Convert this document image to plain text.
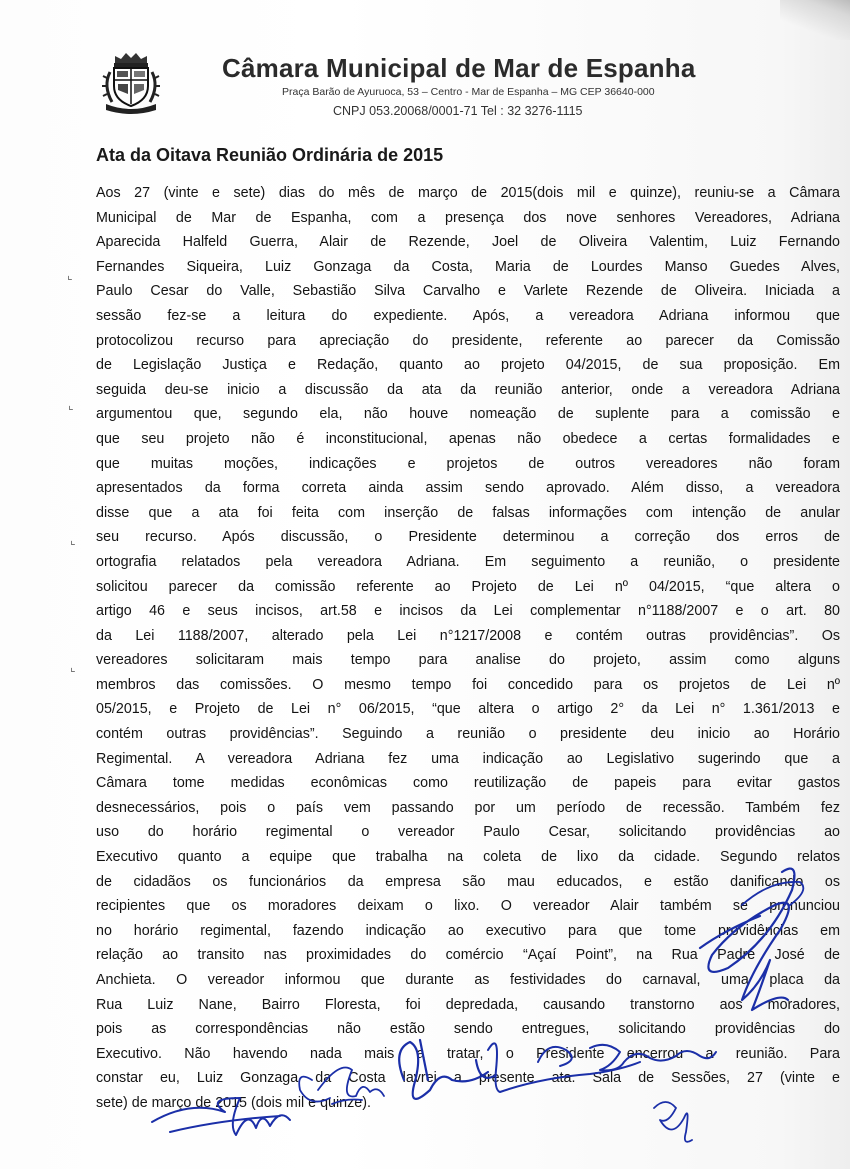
Câmara Municipal de Mar de Espanha
Praça Barão de Ayuruoca, 53 – Centro - Mar de Espanha – MG CEP 36640-000
CNPJ 053.20068/0001-71 Tel : 32 3276-1115
Ata da Oitava Reunião Ordinária de 2015
Aos 27 (vinte e sete) dias do mês de março de 2015(dois mil e quinze), reuniu-se a Câmara
Municipal de Mar de Espanha, com a presença dos nove senhores Vereadores, Adriana
Aparecida Halfeld Guerra, Alair de Rezende, Joel de Oliveira Valentim, Luiz Fernando
Fernandes Siqueira, Luiz Gonzaga da Costa, Maria de Lourdes Manso Guedes Alves,
Paulo Cesar do Valle, Sebastião Silva Carvalho e Varlete Rezende de Oliveira. Iniciada a
sessão fez-se a leitura do expediente. Após, a vereadora Adriana informou que
protocolizou recurso para apreciação do presidente, referente ao parecer da Comissão
de Legislação Justiça e Redação, quanto ao projeto 04/2015, de sua proposição. Em
seguida deu-se inicio a discussão da ata da reunião anterior, onde a vereadora Adriana
argumentou que, segundo ela, não houve nomeação de suplente para a comissão e
que seu projeto não é inconstitucional, apenas não obedece a certas formalidades e
que muitas moções, indicações e projetos de outros vereadores não foram
apresentados da forma correta ainda assim sendo aprovado. Além disso, a vereadora
disse que a ata foi feita com inserção de falsas informações com intenção de anular
seu recurso. Após discussão, o Presidente determinou a correção dos erros de
ortografia relatados pela vereadora Adriana. Em seguimento a reunião, o presidente
solicitou parecer da comissão referente ao Projeto de Lei nº 04/2015, “que altera o
artigo 46 e seus incisos, art.58 e incisos da Lei complementar n°1188/2007 e o art. 80
da Lei 1188/2007, alterado pela Lei n°1217/2008 e contém outras providências”. Os
vereadores solicitaram mais tempo para analise do projeto, assim como alguns
membros das comissões. O mesmo tempo foi concedido para os projetos de Lei nº
05/2015, e Projeto de Lei n° 06/2015, “que altera o artigo 2° da Lei n° 1.361/2013 e
contém outras providências”. Seguindo a reunião o presidente deu inicio ao Horário
Regimental. A vereadora Adriana fez uma indicação ao Legislativo sugerindo que a
Câmara tome medidas econômicas como reutilização de papeis para evitar gastos
desnecessários, pois o país vem passando por um período de recessão. Também fez
uso do horário regimental o vereador Paulo Cesar, solicitando providências ao
Executivo quanto a equipe que trabalha na coleta de lixo da cidade. Segundo relatos
de cidadãos os funcionários da empresa são mau educados, e estão danificando os
recipientes que os moradores deixam o lixo. O vereador Alair também se pronunciou
no horário regimental, fazendo indicação ao executivo para que tome providências em
relação ao transito nas proximidades do comércio “Açaí Point”, na Rua Padre José de
Anchieta. O vereador informou que durante as festividades do carnaval, uma placa da
Rua Luiz Nane, Bairro Floresta, foi depredada, causando transtorno aos moradores,
pois as correspondências não estão sendo entregues, solicitando providências do
Executivo. Não havendo nada mais a tratar, o Presidente encerrou a reunião. Para
constar eu, Luiz Gonzaga da Costa lavrei a presente ata. Sala de Sessões, 27 (vinte e
sete) de março de 2015 (dois mil e quinze).
⌞
⌞
⌞
⌞
